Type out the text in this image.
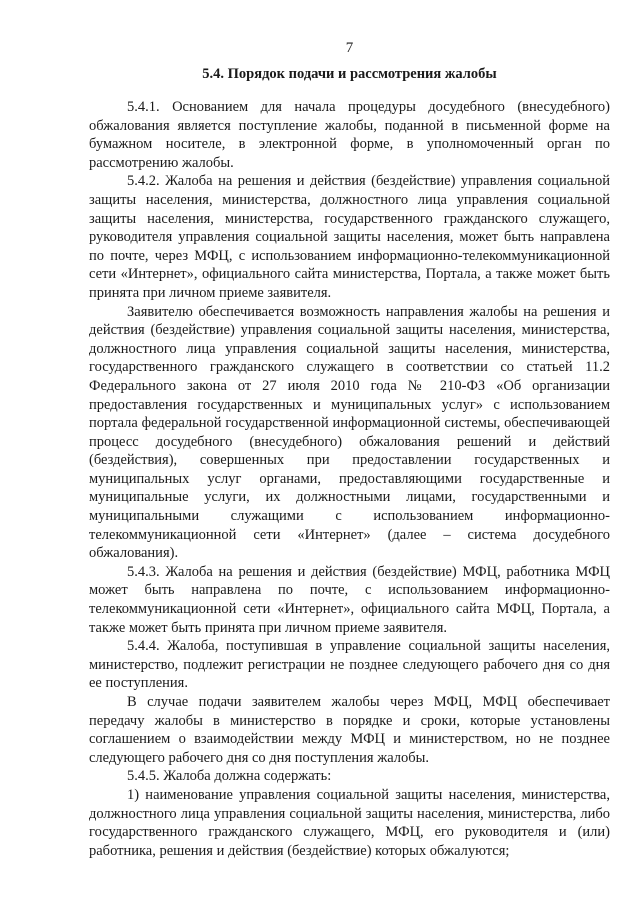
7
5.4. Порядок подачи и рассмотрения жалобы

5.4.1. Основанием для начала процедуры досудебного (внесудебного) обжалования является поступление жалобы, поданной в письменной форме на бумажном носителе, в электронной форме, в уполномоченный орган по рассмотрению жалобы.

5.4.2. Жалоба на решения и действия (бездействие) управления социальной защиты населения, министерства, должностного лица управления социальной защиты населения, министерства, государственного гражданского служащего, руководителя управления социальной защиты населения, может быть направлена по почте, через МФЦ, с использованием информационно-телекоммуникационной сети «Интернет», официального сайта министерства, Портала, а также может быть принята при личном приеме заявителя.

Заявителю обеспечивается возможность направления жалобы на решения и действия (бездействие) управления социальной защиты населения, министерства, должностного лица управления социальной защиты населения, министерства, государственного гражданского служащего в соответствии со статьей 11.2 Федерального закона от 27 июля 2010 года № 210-ФЗ «Об организации предоставления государственных и муниципальных услуг» с использованием портала федеральной государственной информационной системы, обеспечивающей процесс досудебного (внесудебного) обжалования решений и действий (бездействия), совершенных при предоставлении государственных и муниципальных услуг органами, предоставляющими государственные и муниципальные услуги, их должностными лицами, государственными и муниципальными служащими с использованием информационно-телекоммуникационной сети «Интернет» (далее – система досудебного обжалования).

5.4.3. Жалоба на решения и действия (бездействие) МФЦ, работника МФЦ может быть направлена по почте, с использованием информационно-телекоммуникационной сети «Интернет», официального сайта МФЦ, Портала, а также может быть принята при личном приеме заявителя.

5.4.4. Жалоба, поступившая в управление социальной защиты населения, министерство, подлежит регистрации не позднее следующего рабочего дня со дня ее поступления.

В случае подачи заявителем жалобы через МФЦ, МФЦ обеспечивает передачу жалобы в министерство в порядке и сроки, которые установлены соглашением о взаимодействии между МФЦ и министерством, но не позднее следующего рабочего дня со дня поступления жалобы.

5.4.5. Жалоба должна содержать:

1) наименование управления социальной защиты населения, министерства, должностного лица управления социальной защиты населения, министерства, либо государственного гражданского служащего, МФЦ, его руководителя и (или) работника, решения и действия (бездействие) которых обжалуются;
